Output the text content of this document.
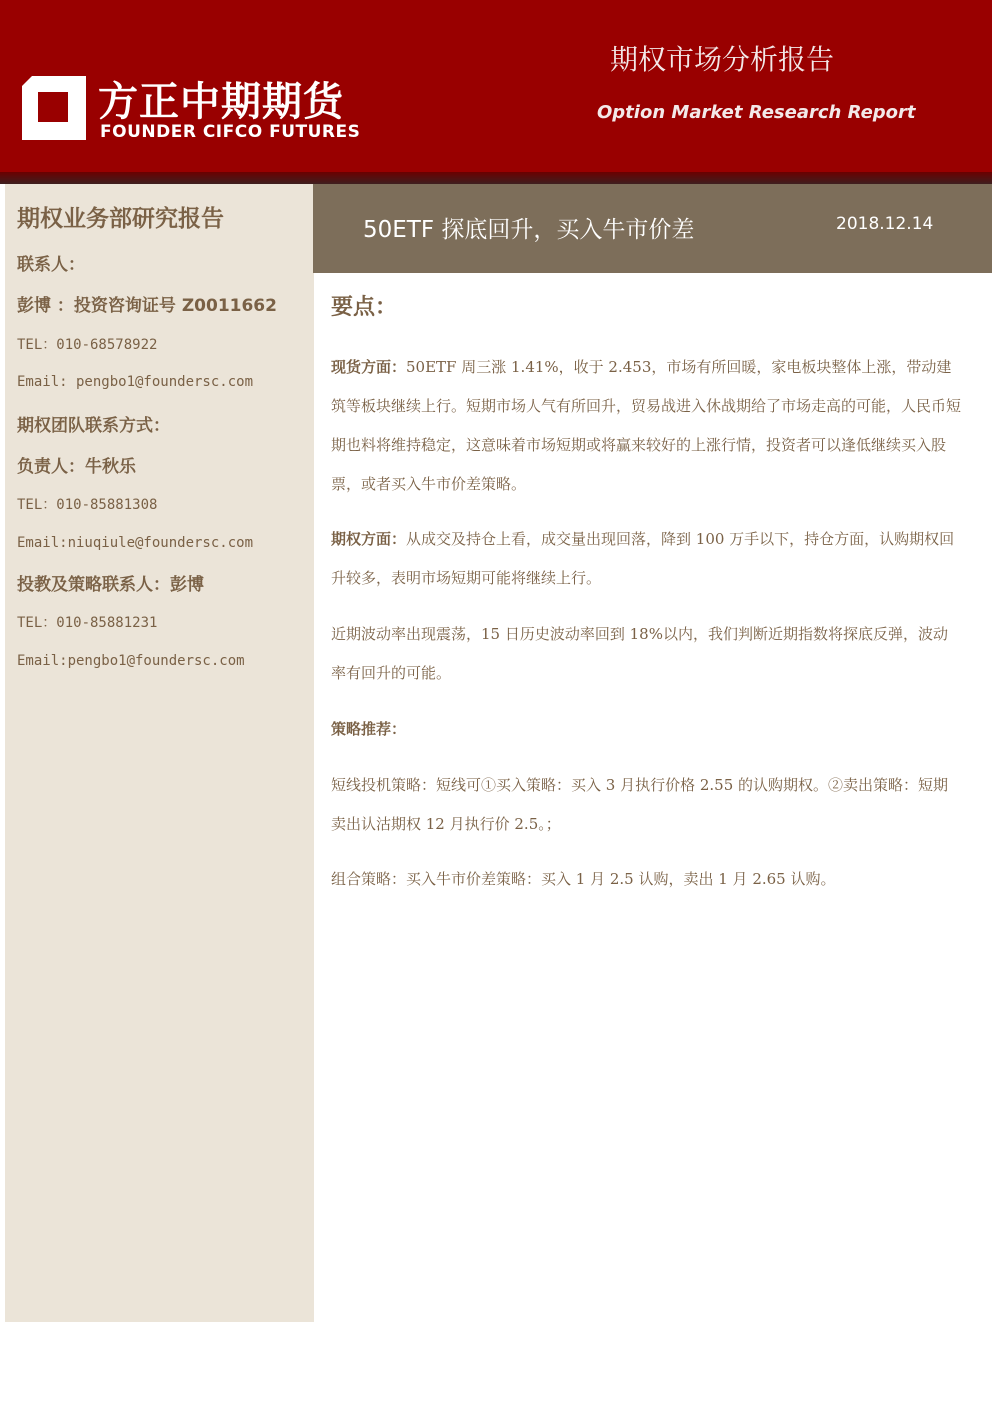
方正中期期货
FOUNDER CIFCO FUTURES
期权市场分析报告
Option Market Research Report
期权业务部研究报告
联系人：
彭博 ：投资咨询证号 Z0011662
TEL：010-68578922
Email: pengbo1@foundersc.com
期权团队联系方式：
负责人：牛秋乐
TEL：010-85881308
Email:niuqiule@foundersc.com
投教及策略联系人：彭博
TEL：010-85881231
Email:pengbo1@foundersc.com
50ETF 探底回升，买入牛市价差	2018.12.14
要点：
现货方面：50ETF 周三涨 1.41%，收于 2.453，市场有所回暖，家电板块整体上涨，带动建筑等板块继续上行。短期市场人气有所回升，贸易战进入休战期给了市场走高的可能，人民币短期也料将维持稳定，这意味着市场短期或将赢来较好的上涨行情，投资者可以逢低继续买入股票，或者买入牛市价差策略。
期权方面：从成交及持仓上看，成交量出现回落，降到 100 万手以下，持仓方面，认购期权回升较多，表明市场短期可能将继续上行。
近期波动率出现震荡，15 日历史波动率回到 18%以内，我们判断近期指数将探底反弹，波动率有回升的可能。
策略推荐：
短线投机策略：短线可①买入策略：买入 3 月执行价格 2.55 的认购期权。②卖出策略：短期卖出认沽期权 12 月执行价 2.5。；
组合策略：买入牛市价差策略：买入 1 月 2.5 认购，卖出 1 月 2.65 认购。
